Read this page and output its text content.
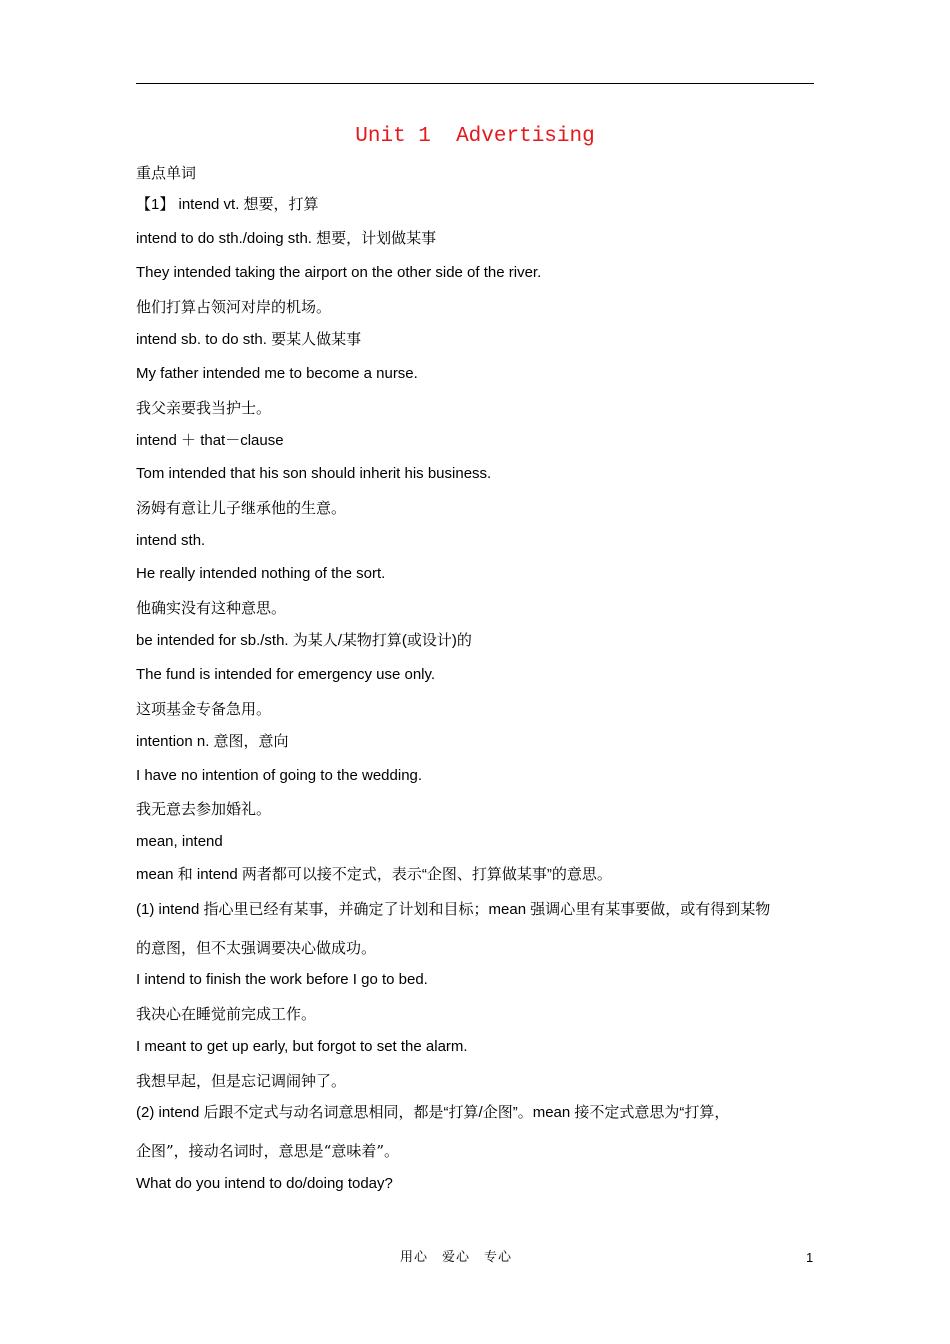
Unit 1  Advertising
重点单词
【1】 intend vt. 想要，打算
intend to do sth./doing sth. 想要，计划做某事
They intended taking the airport on the other side of the river.
他们打算占领河对岸的机场。
intend sb. to do sth. 要某人做某事
My father intended me to become a nurse.
我父亲要我当护士。
intend ＋ that－clause
Tom intended that his son should inherit his business.
汤姆有意让儿子继承他的生意。
intend sth.
He really intended nothing of the sort.
他确实没有这种意思。
be intended for sb./sth. 为某人/某物打算(或设计)的
The fund is intended for emergency use only.
这项基金专备急用。
intention n. 意图，意向
I have no intention of going to the wedding.
我无意去参加婚礼。
mean, intend
mean 和 intend 两者都可以接不定式，表示“企图、打算做某事”的意思。
(1) intend 指心里已经有某事，并确定了计划和目标；mean 强调心里有某事要做，或有得到某物
的意图，但不太强调要决心做成功。
I intend to finish the work before I go to bed.
我决心在睡觉前完成工作。
I meant to get up early, but forgot to set the alarm.
我想早起，但是忘记调闹钟了。
(2) intend 后跟不定式与动名词意思相同，都是“打算/企图”。mean 接不定式意思为“打算，
企图”，接动名词时，意思是“意味着”。
What do you intend to do/doing today?
用心　爱心　专心	1
